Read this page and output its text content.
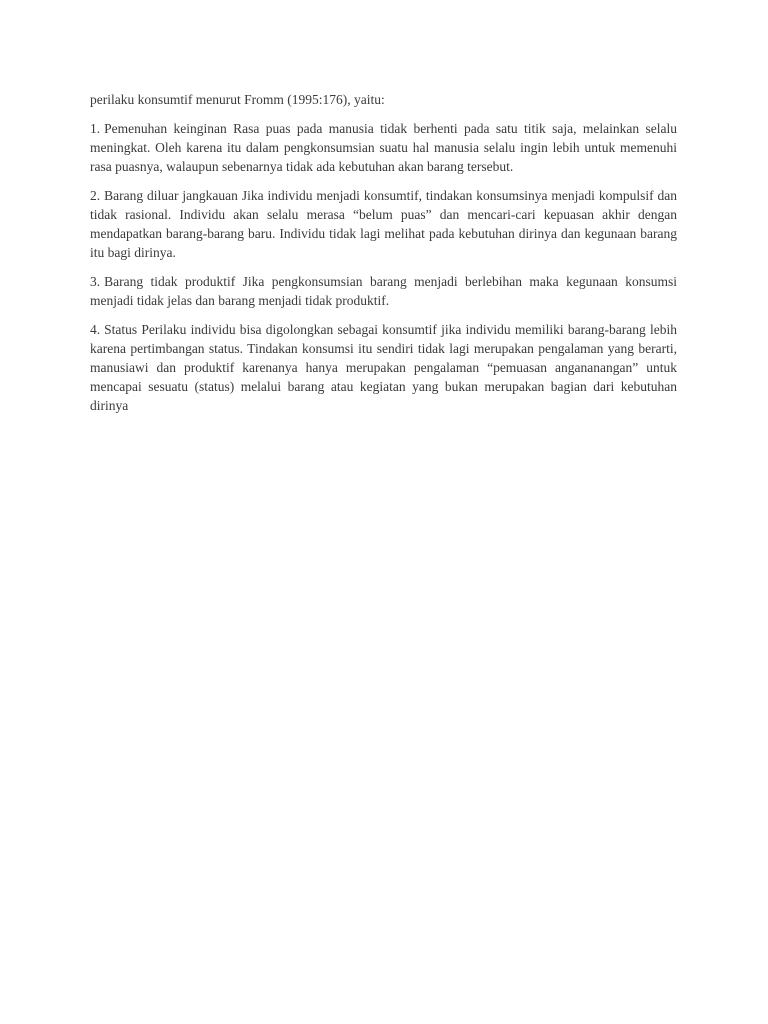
perilaku konsumtif menurut Fromm (1995:176), yaitu:

1. Pemenuhan keinginan Rasa puas pada manusia tidak berhenti pada satu titik saja, melainkan selalu meningkat. Oleh karena itu dalam pengkonsumsian suatu hal manusia selalu ingin lebih untuk memenuhi rasa puasnya, walaupun sebenarnya tidak ada kebutuhan akan barang tersebut.

2. Barang diluar jangkauan Jika individu menjadi konsumtif, tindakan konsumsinya menjadi kompulsif dan tidak rasional. Individu akan selalu merasa “belum puas” dan mencari-cari kepuasan akhir dengan mendapatkan barang-barang baru. Individu tidak lagi melihat pada kebutuhan dirinya dan kegunaan barang itu bagi dirinya.

3. Barang tidak produktif Jika pengkonsumsian barang menjadi berlebihan maka kegunaan konsumsi menjadi tidak jelas dan barang menjadi tidak produktif.

4. Status Perilaku individu bisa digolongkan sebagai konsumtif jika individu memiliki barang-barang lebih karena pertimbangan status. Tindakan konsumsi itu sendiri tidak lagi merupakan pengalaman yang berarti, manusiawi dan produktif karenanya hanya merupakan pengalaman “pemuasan angananangan” untuk mencapai sesuatu (status) melalui barang atau kegiatan yang bukan merupakan bagian dari kebutuhan dirinya
